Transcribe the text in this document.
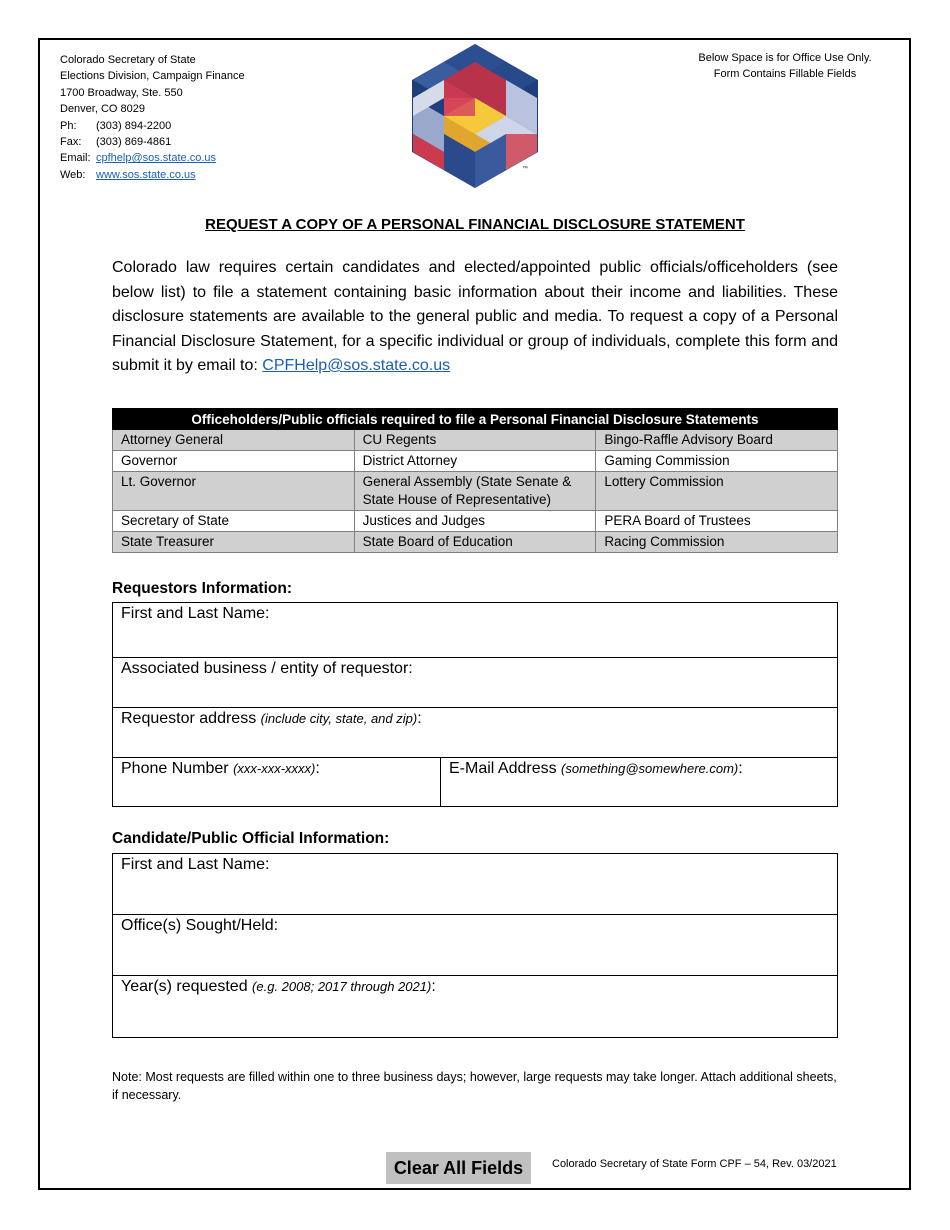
Colorado Secretary of State
Elections Division, Campaign Finance
1700 Broadway, Ste. 550
Denver, CO 8029
Ph: (303) 894-2200
Fax: (303) 869-4861
Email: cpfhelp@sos.state.co.us
Web: www.sos.state.co.us	™
Below Space is for Office Use Only.
Form Contains Fillable Fields
REQUEST A COPY OF A PERSONAL FINANCIAL DISCLOSURE STATEMENT
Colorado law requires certain candidates and elected/appointed public officials/officeholders (see below list) to file a statement containing basic information about their income and liabilities. These disclosure statements are available to the general public and media. To request a copy of a Personal Financial Disclosure Statement, for a specific individual or group of individuals, complete this form and submit it by email to: CPFHelp@sos.state.co.us
Officeholders/Public officials required to file a Personal Financial Disclosure Statements		
Attorney General	CU Regents	Bingo-Raffle Advisory Board
Governor	District Attorney	Gaming Commission
Lt. Governor	General Assembly (State Senate & State House of Representative)	Lottery Commission
Secretary of State	Justices and Judges	PERA Board of Trustees
State Treasurer	State Board of Education	Racing Commission
Requestors Information:
First and Last Name:
Associated business / entity of requestor:
Requestor address (include city, state, and zip):
Phone Number (xxx-xxx-xxxx):	E-Mail Address (something@somewhere.com):
Candidate/Public Official Information:
First and Last Name:
Office(s) Sought/Held:
Year(s) requested (e.g. 2008; 2017 through 2021):
Note: Most requests are filled within one to three business days; however, large requests may take longer. Attach additional sheets, if necessary.
Clear All Fields	Colorado Secretary of State Form CPF – 54, Rev. 03/2021
